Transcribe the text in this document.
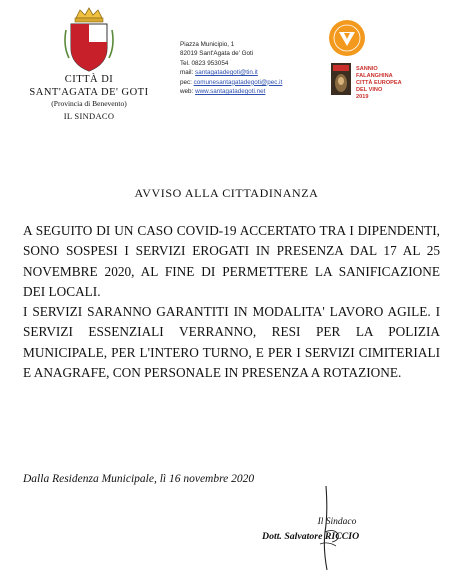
CITTÀ DI
SANT'AGATA DE' GOTI
(Provincia di Benevento)
IL SINDACO
Piazza Municipio, 1
82019 Sant'Agata de' Goti
Tel. 0823 953054
mail: santagatadegoti@tin.it
pec: comunesantagatadegoti@pec.it
web: www.santagatadegoti.net
SANNIO
FALANGHINA
CITTÀ EUROPEA
DEL VINO
2019
AVVISO ALLA CITTADINANZA

A SEGUITO DI UN CASO COVID-19 ACCERTATO TRA I DIPENDENTI, SONO SOSPESI I SERVIZI EROGATI IN PRESENZA DAL 17 AL 25 NOVEMBRE 2020, AL FINE DI PERMETTERE LA SANIFICAZIONE DEI LOCALI.

I SERVIZI SARANNO GARANTITI IN MODALITA' LAVORO AGILE. I SERVIZI ESSENZIALI VERRANNO, RESI PER LA POLIZIA MUNICIPALE, PER L'INTERO TURNO, E PER I SERVIZI CIMITERIALI E ANAGRAFE, CON PERSONALE IN PRESENZA A ROTAZIONE.

Dalla Residenza Municipale, lì 16 novembre 2020
Il Sindaco
Dott. Salvatore RICCIO
